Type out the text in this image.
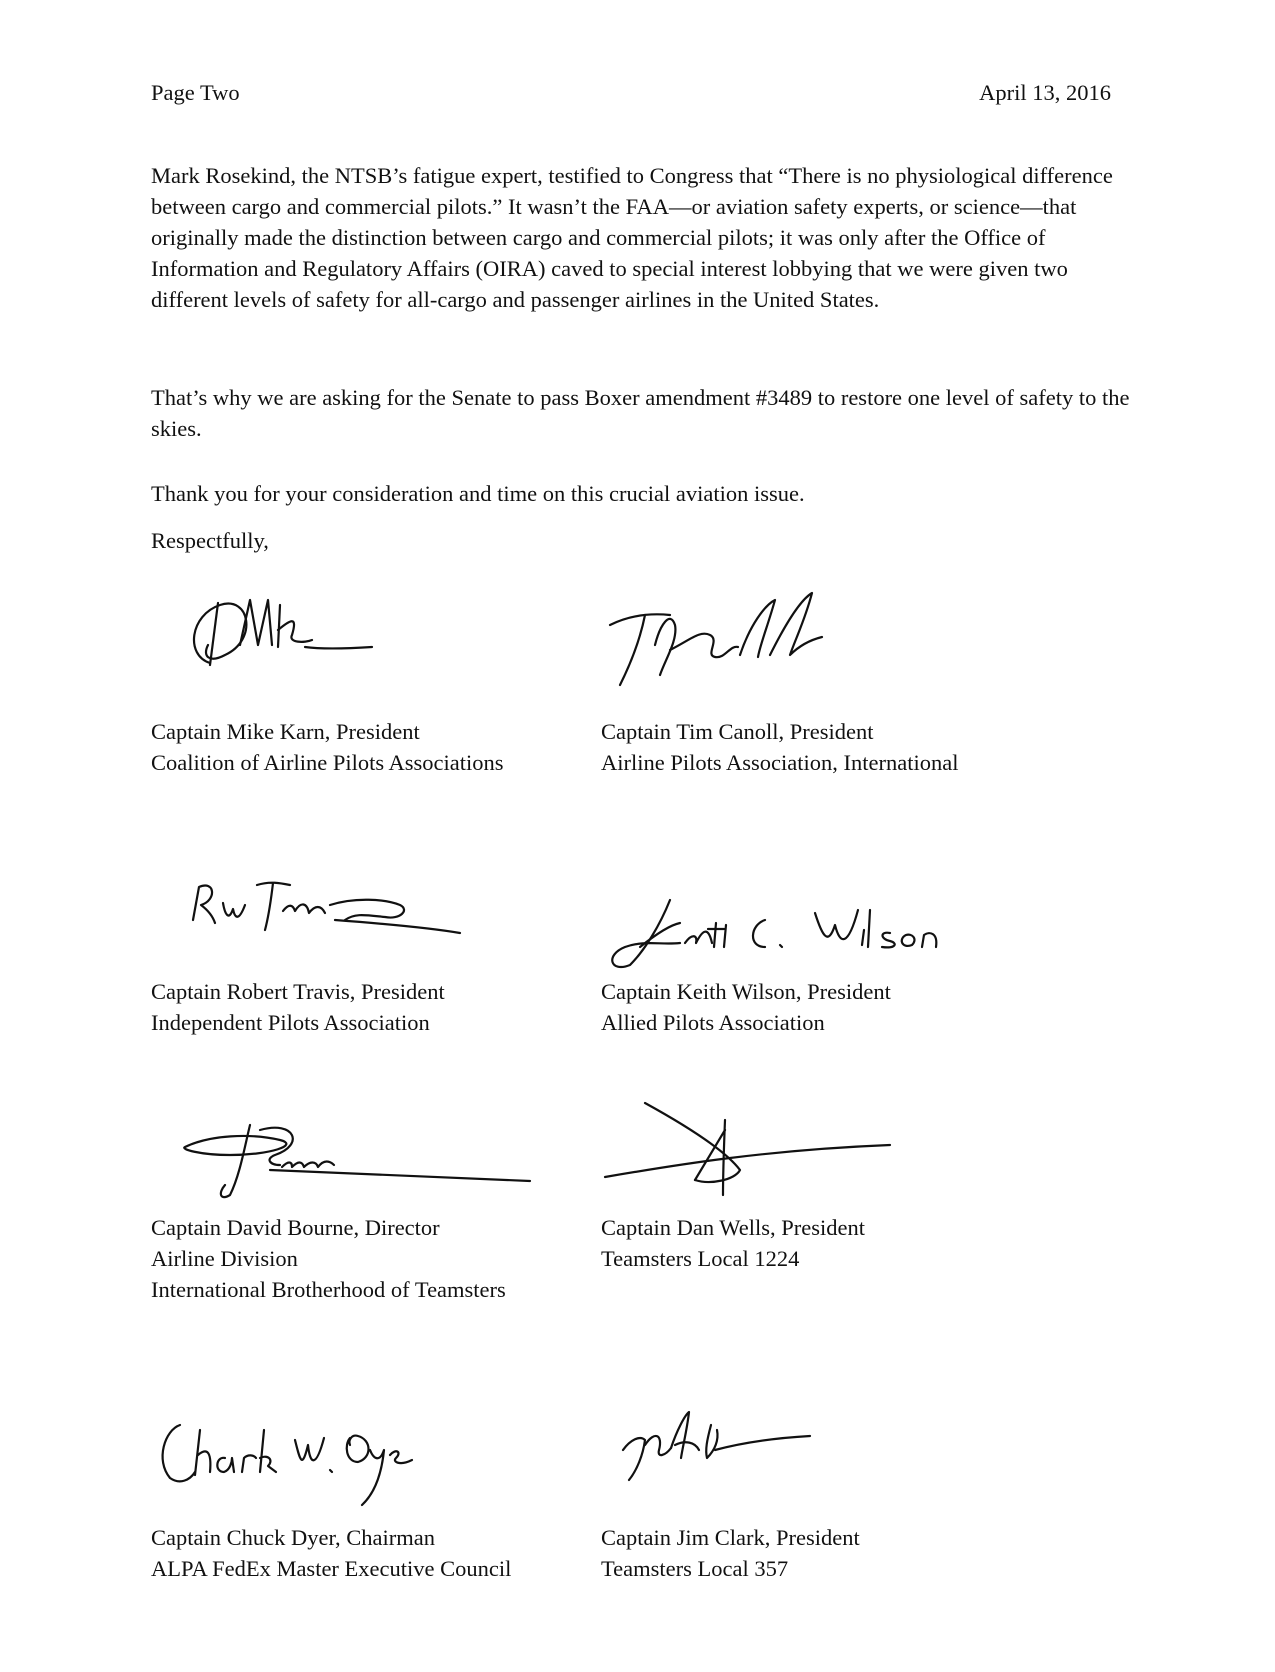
Page Two	April 13, 2016

Mark Rosekind, the NTSB’s fatigue expert, testified to Congress that “There is no physiological difference between cargo and commercial pilots.” It wasn’t the FAA—or aviation safety experts, or science—that originally made the distinction between cargo and commercial pilots; it was only after the Office of Information and Regulatory Affairs (OIRA) caved to special interest lobbying that we were given two different levels of safety for all-cargo and passenger airlines in the United States.

That’s why we are asking for the Senate to pass Boxer amendment #3489 to restore one level of safety to the skies.

Thank you for your consideration and time on this crucial aviation issue.

Respectfully,

Captain Mike Karn, President
Coalition of Airline Pilots Associations
Captain Tim Canoll, President
Airline Pilots Association, International
Captain Robert Travis, President
Independent Pilots Association
Captain Keith Wilson, President
Allied Pilots Association
Captain David Bourne, Director
Airline Division
International Brotherhood of Teamsters
Captain Dan Wells, President
Teamsters Local 1224
Captain Chuck Dyer, Chairman
ALPA FedEx Master Executive Council
Captain Jim Clark, President
Teamsters Local 357
